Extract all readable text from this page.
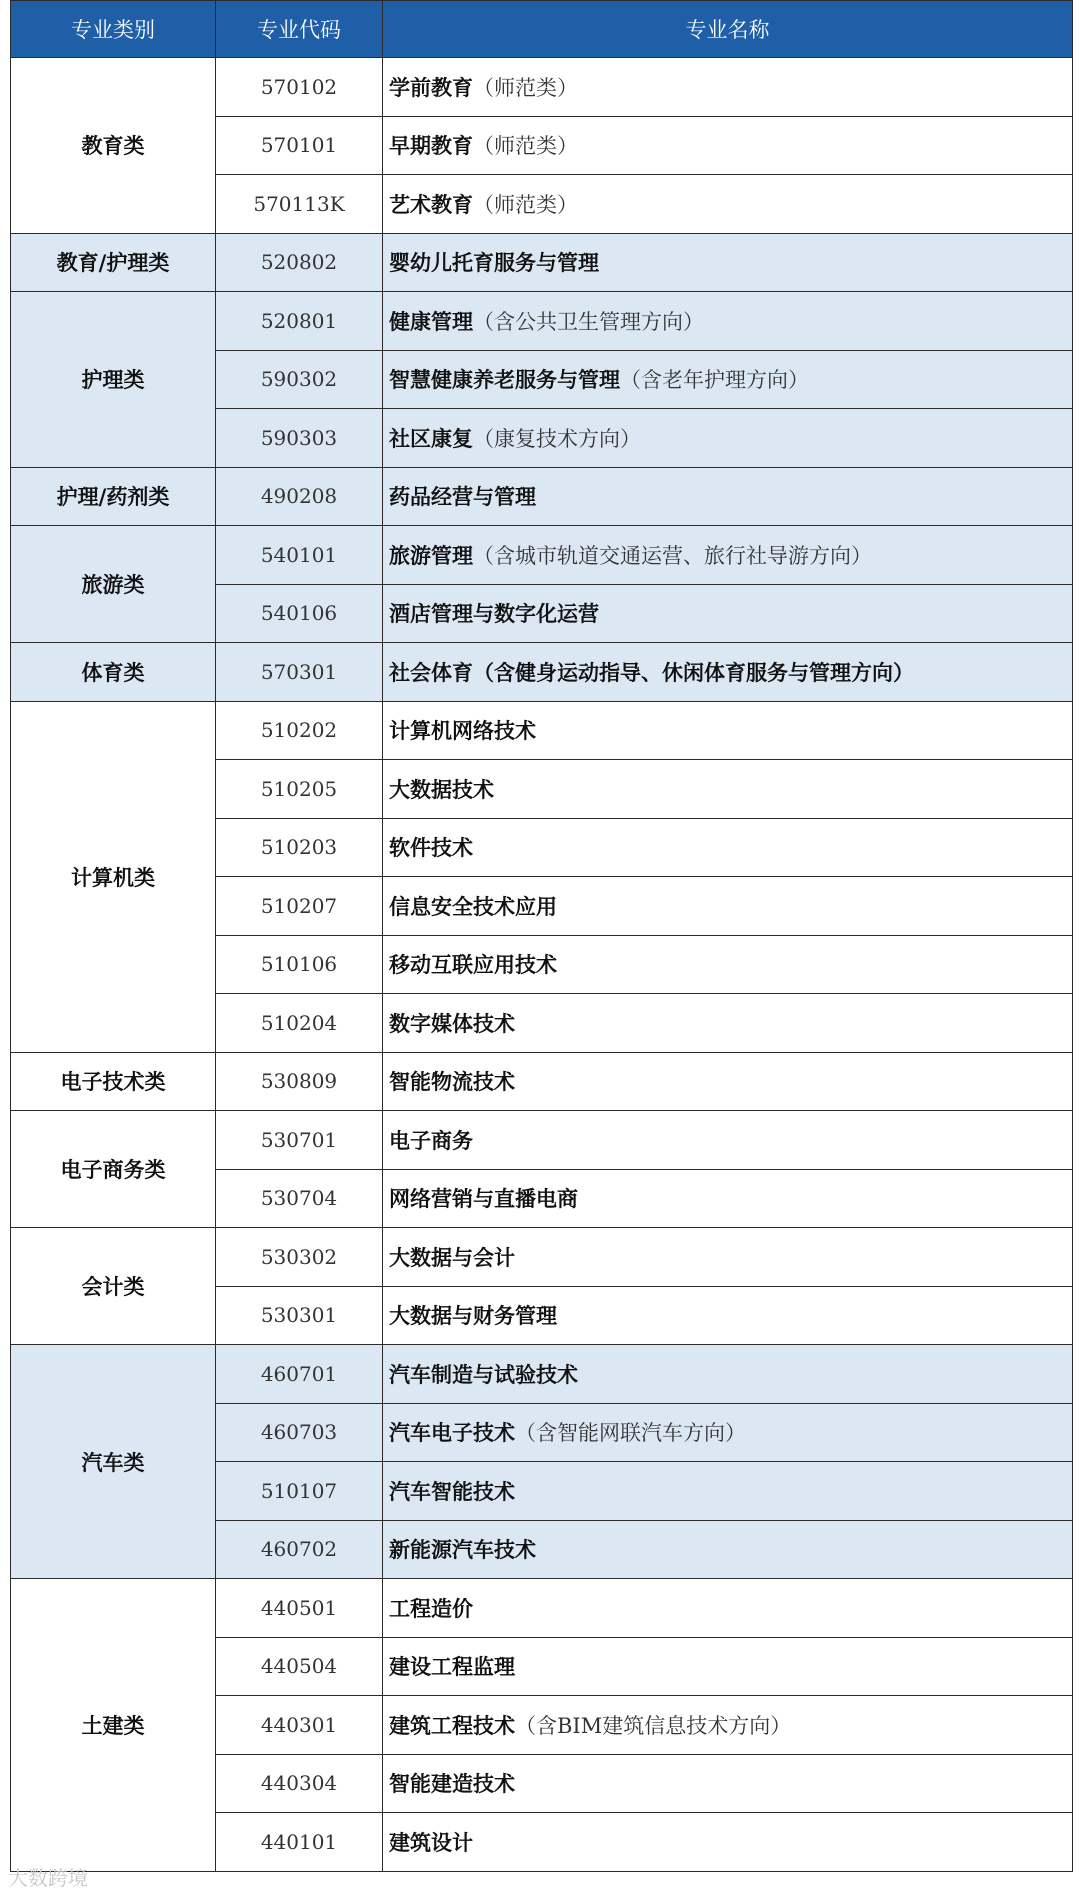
专业类别	专业代码	专业名称
教育类	570102	学前教育（师范类）
	570101	早期教育（师范类）
	570113K	艺术教育（师范类）
教育/护理类	520802	婴幼儿托育服务与管理
护理类	520801	健康管理（含公共卫生管理方向）
	590302	智慧健康养老服务与管理（含老年护理方向）
	590303	社区康复（康复技术方向）
护理/药剂类	490208	药品经营与管理
旅游类	540101	旅游管理（含城市轨道交通运营、旅行社导游方向）
	540106	酒店管理与数字化运营
体育类	570301	社会体育（含健身运动指导、休闲体育服务与管理方向）
计算机类	510202	计算机网络技术
	510205	大数据技术
	510203	软件技术
	510207	信息安全技术应用
	510106	移动互联应用技术
	510204	数字媒体技术
电子技术类	530809	智能物流技术
电子商务类	530701	电子商务
	530704	网络营销与直播电商
会计类	530302	大数据与会计
	530301	大数据与财务管理
汽车类	460701	汽车制造与试验技术
	460703	汽车电子技术（含智能网联汽车方向）
	510107	汽车智能技术
	460702	新能源汽车技术
土建类	440501	工程造价
	440504	建设工程监理
	440301	建筑工程技术（含BIM建筑信息技术方向）
	440304	智能建造技术
	440101	建筑设计
大数跨境
